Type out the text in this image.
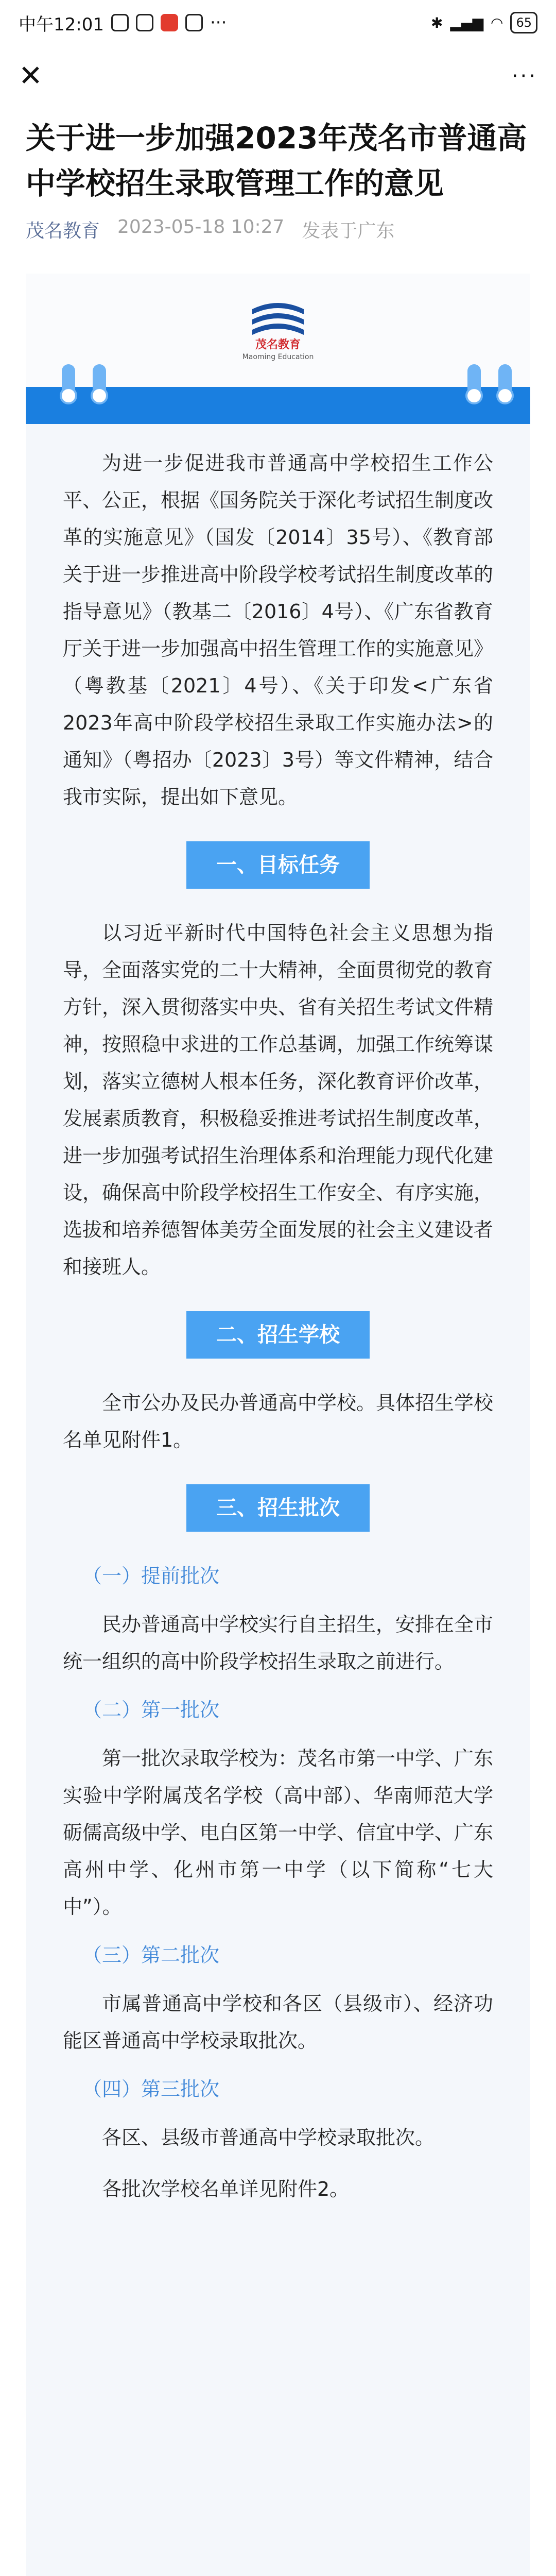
中午12:01	···	✱ ▂▄▆ ◠	65
✕	···
关于进一步加强2023年茂名市普通高中学校招生录取管理工作的意见
茂名教育 2023-05-18 10:27 发表于广东
茂名教育
Maoming Education

为进一步促进我市普通高中学校招生工作公平、公正，根据《国务院关于深化考试招生制度改革的实施意见》（国发〔2014〕35号）、《教育部关于进一步推进高中阶段学校考试招生制度改革的指导意见》（教基二〔2016〕4号）、《广东省教育厅关于进一步加强高中招生管理工作的实施意见》（粤教基〔2021〕4号）、《关于印发<广东省2023年高中阶段学校招生录取工作实施办法>的通知》（粤招办〔2023〕3号）等文件精神，结合我市实际，提出如下意见。

一、目标任务

以习近平新时代中国特色社会主义思想为指导，全面落实党的二十大精神，全面贯彻党的教育方针，深入贯彻落实中央、省有关招生考试文件精神，按照稳中求进的工作总基调，加强工作统筹谋划，落实立德树人根本任务，深化教育评价改革，发展素质教育，积极稳妥推进考试招生制度改革，进一步加强考试招生治理体系和治理能力现代化建设，确保高中阶段学校招生工作安全、有序实施，选拔和培养德智体美劳全面发展的社会主义建设者和接班人。

二、招生学校

全市公办及民办普通高中学校。具体招生学校名单见附件1。

三、招生批次
（一）提前批次

民办普通高中学校实行自主招生，安排在全市统一组织的高中阶段学校招生录取之前进行。

（二）第一批次

第一批次录取学校为：茂名市第一中学、广东实验中学附属茂名学校（高中部）、华南师范大学砺儒高级中学、电白区第一中学、信宜中学、广东高州中学、化州市第一中学（以下简称“七大中”）。

（三）第二批次

市属普通高中学校和各区（县级市）、经济功能区普通高中学校录取批次。

（四）第三批次

各区、县级市普通高中学校录取批次。

各批次学校名单详见附件2。
